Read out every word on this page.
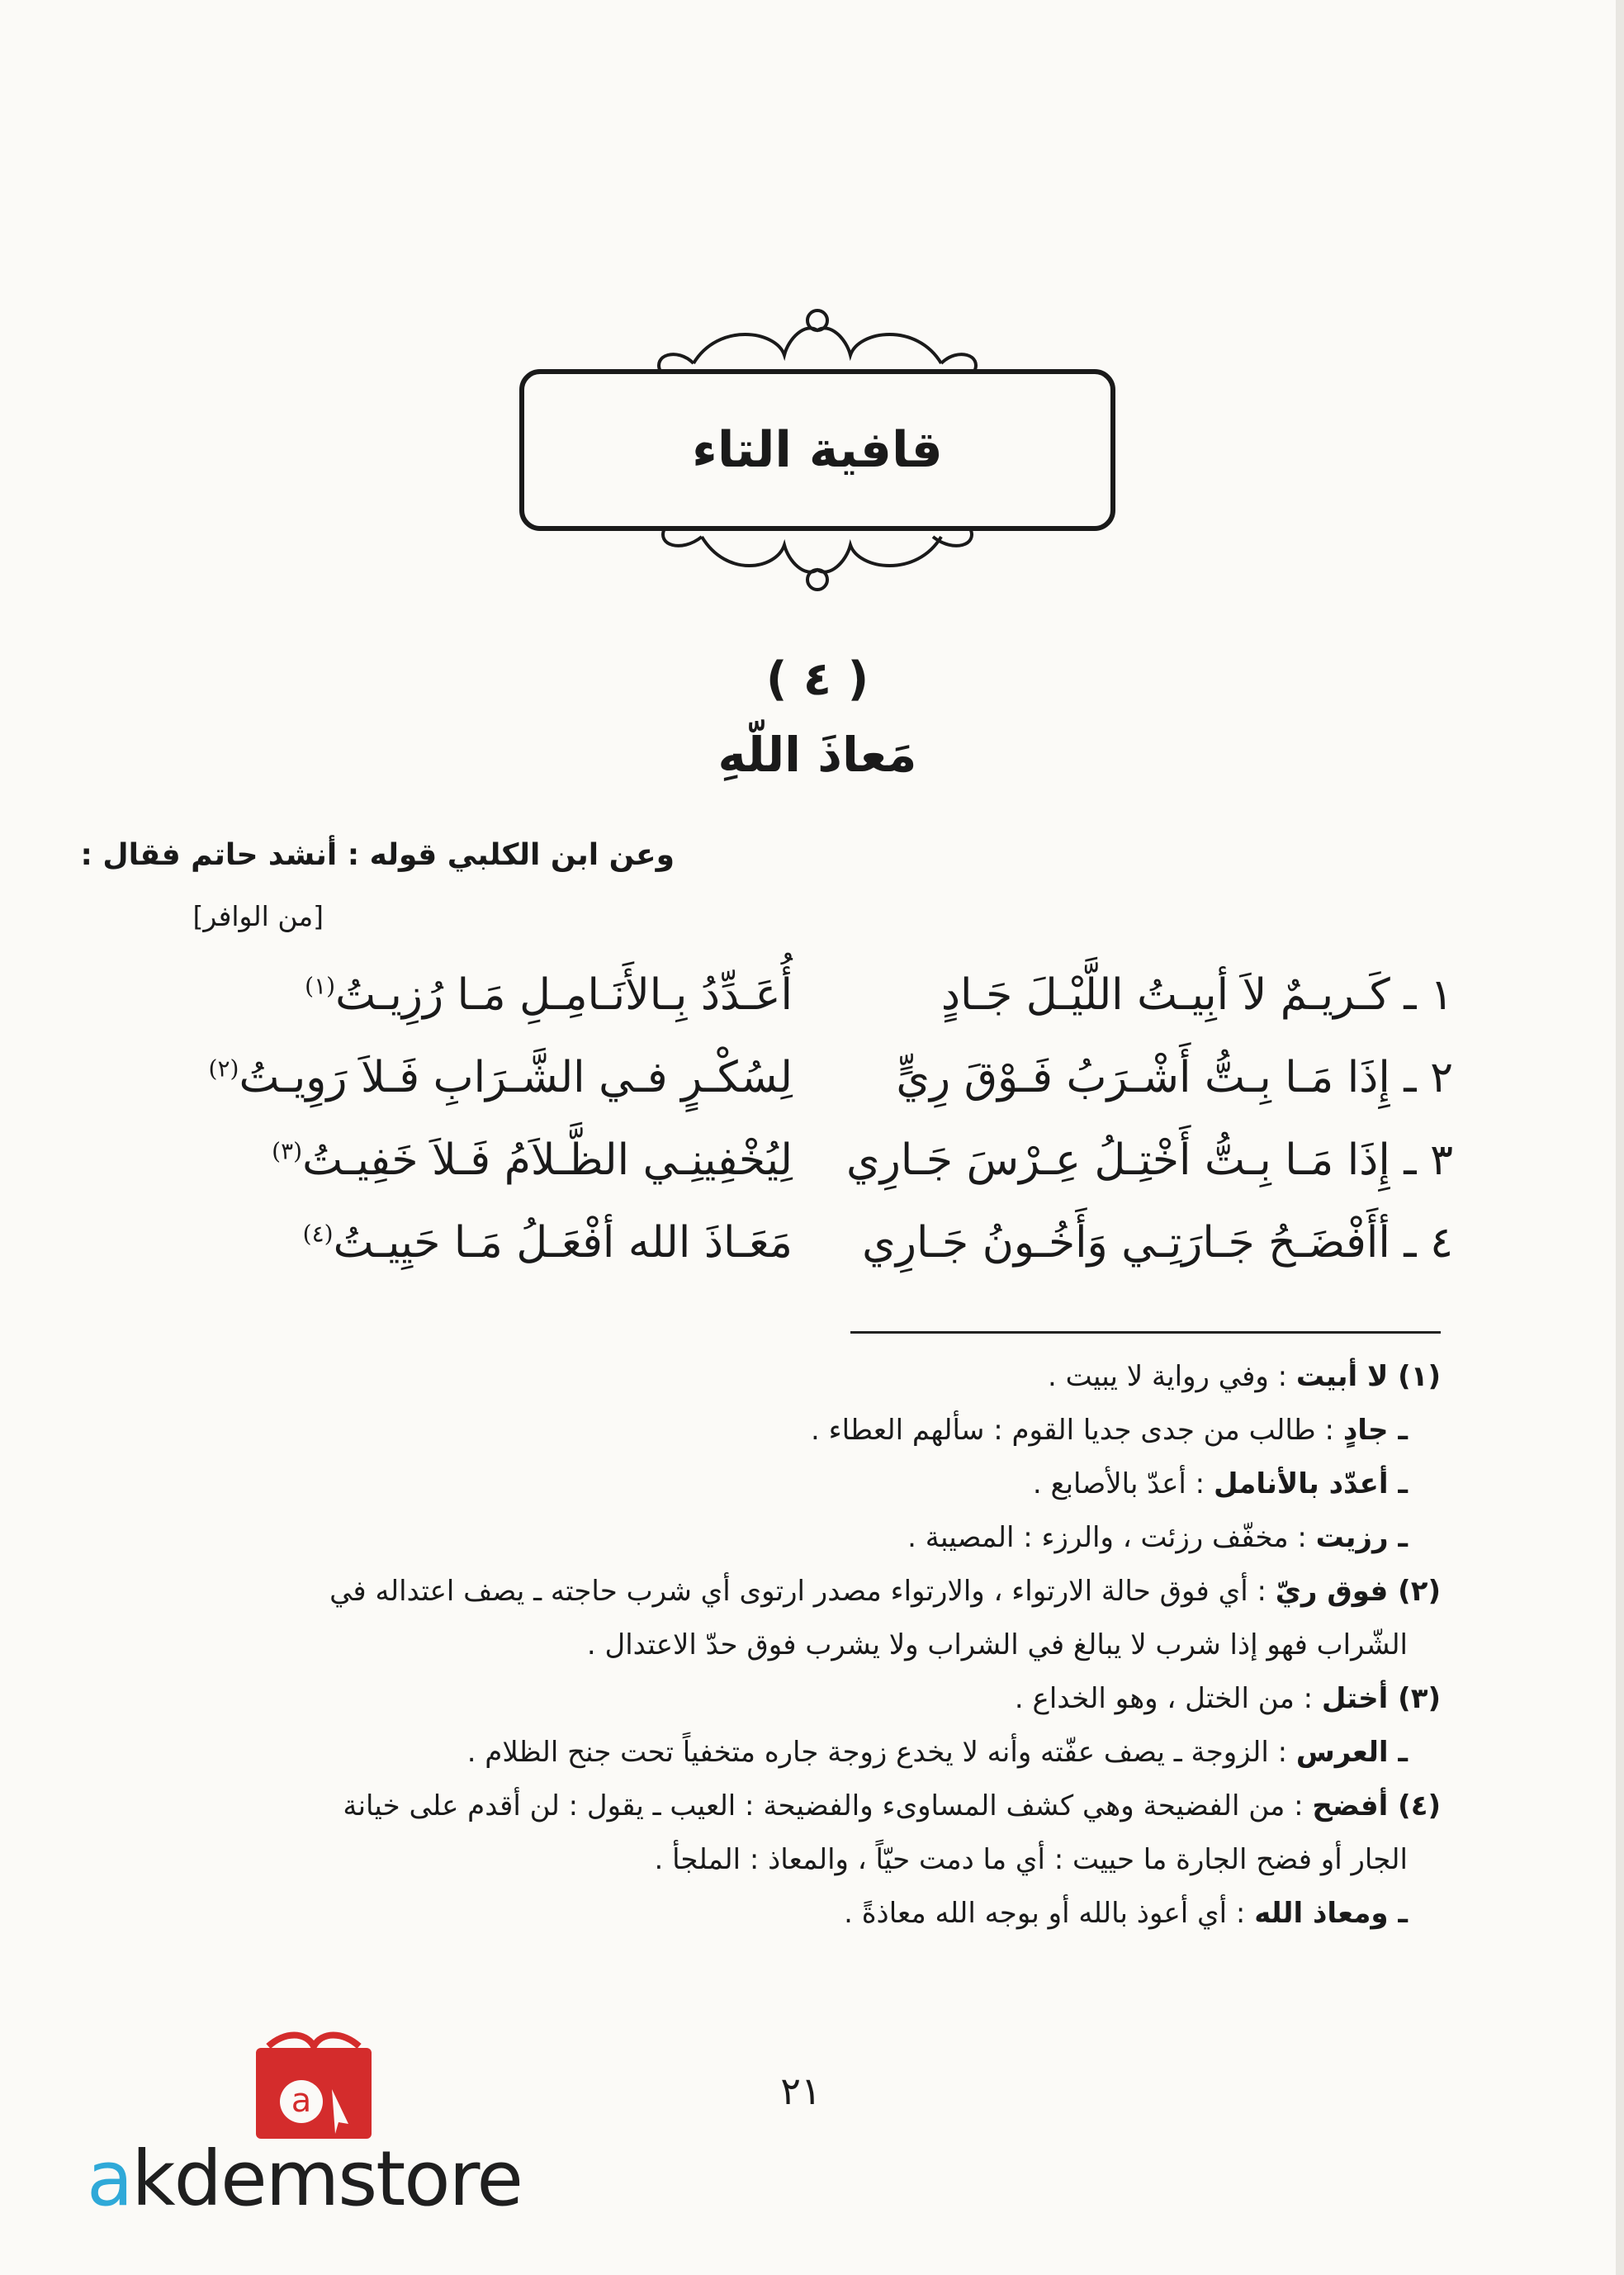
قافية التاء
( ٤ )
مَعاذَ اللّهِ
وعن ابن الكلبي قوله : أنشد حاتم فقال :
[من الوافر]
١ ـ كَـريـمٌ لاَ أبِيـتُ اللَّيْـلَ جَـادٍ
أُعَـدِّدُ بِـالأَنَـامِـلِ مَـا رُزِيـتُ$^{(١)}$
٢ ـ إِذَا مَـا بِـتُّ أَشْـرَبُ فَـوْقَ رِيٍّ
لِسُكْـرٍ فـي الشَّـرَابِ فَـلاَ رَوِيـتُ$^{(٢)}$
٣ ـ إِذَا مَـا بِـتُّ أَخْتِـلُ عِـرْسَ جَـارِي
لِيُخْفِينِـي الظَّـلاَمُ فَـلاَ خَفِيـتُ$^{(٣)}$
٤ ـ أأَفْضَـحُ جَـارَتِـي وَأَخُـونُ جَـارِي
مَعَـاذَ الله أفْعَـلُ مَـا حَيِيـتُ$^{(٤)}$
(١) لا أبيت : وفي رواية لا يبيت .
ـ جادٍ : طالب من جدى جديا القوم : سألهم العطاء .
ـ أعدّد بالأنامل : أعدّ بالأصابع .
ـ رزيت : مخفّف رزئت ، والرزء : المصيبة .
(٢) فوق ريّ : أي فوق حالة الارتواء ، والارتواء مصدر ارتوى أي شرب حاجته ـ يصف اعتداله في
الشّراب فهو إذا شرب لا يبالغ في الشراب ولا يشرب فوق حدّ الاعتدال .
(٣) أختل : من الختل ، وهو الخداع .
ـ العرس : الزوجة ـ يصف عفّته وأنه لا يخدع زوجة جاره متخفياً تحت جنح الظلام .
(٤) أفضح : من الفضيحة وهي كشف المساوىء والفضيحة : العيب ـ يقول : لن أقدم على خيانة
الجار أو فضح الجارة ما حييت : أي ما دمت حيّاً ، والمعاذ : الملجأ .
ـ ومعاذ الله : أي أعوذ بالله أو بوجه الله معاذةً .
٢١
a
akdemstore
